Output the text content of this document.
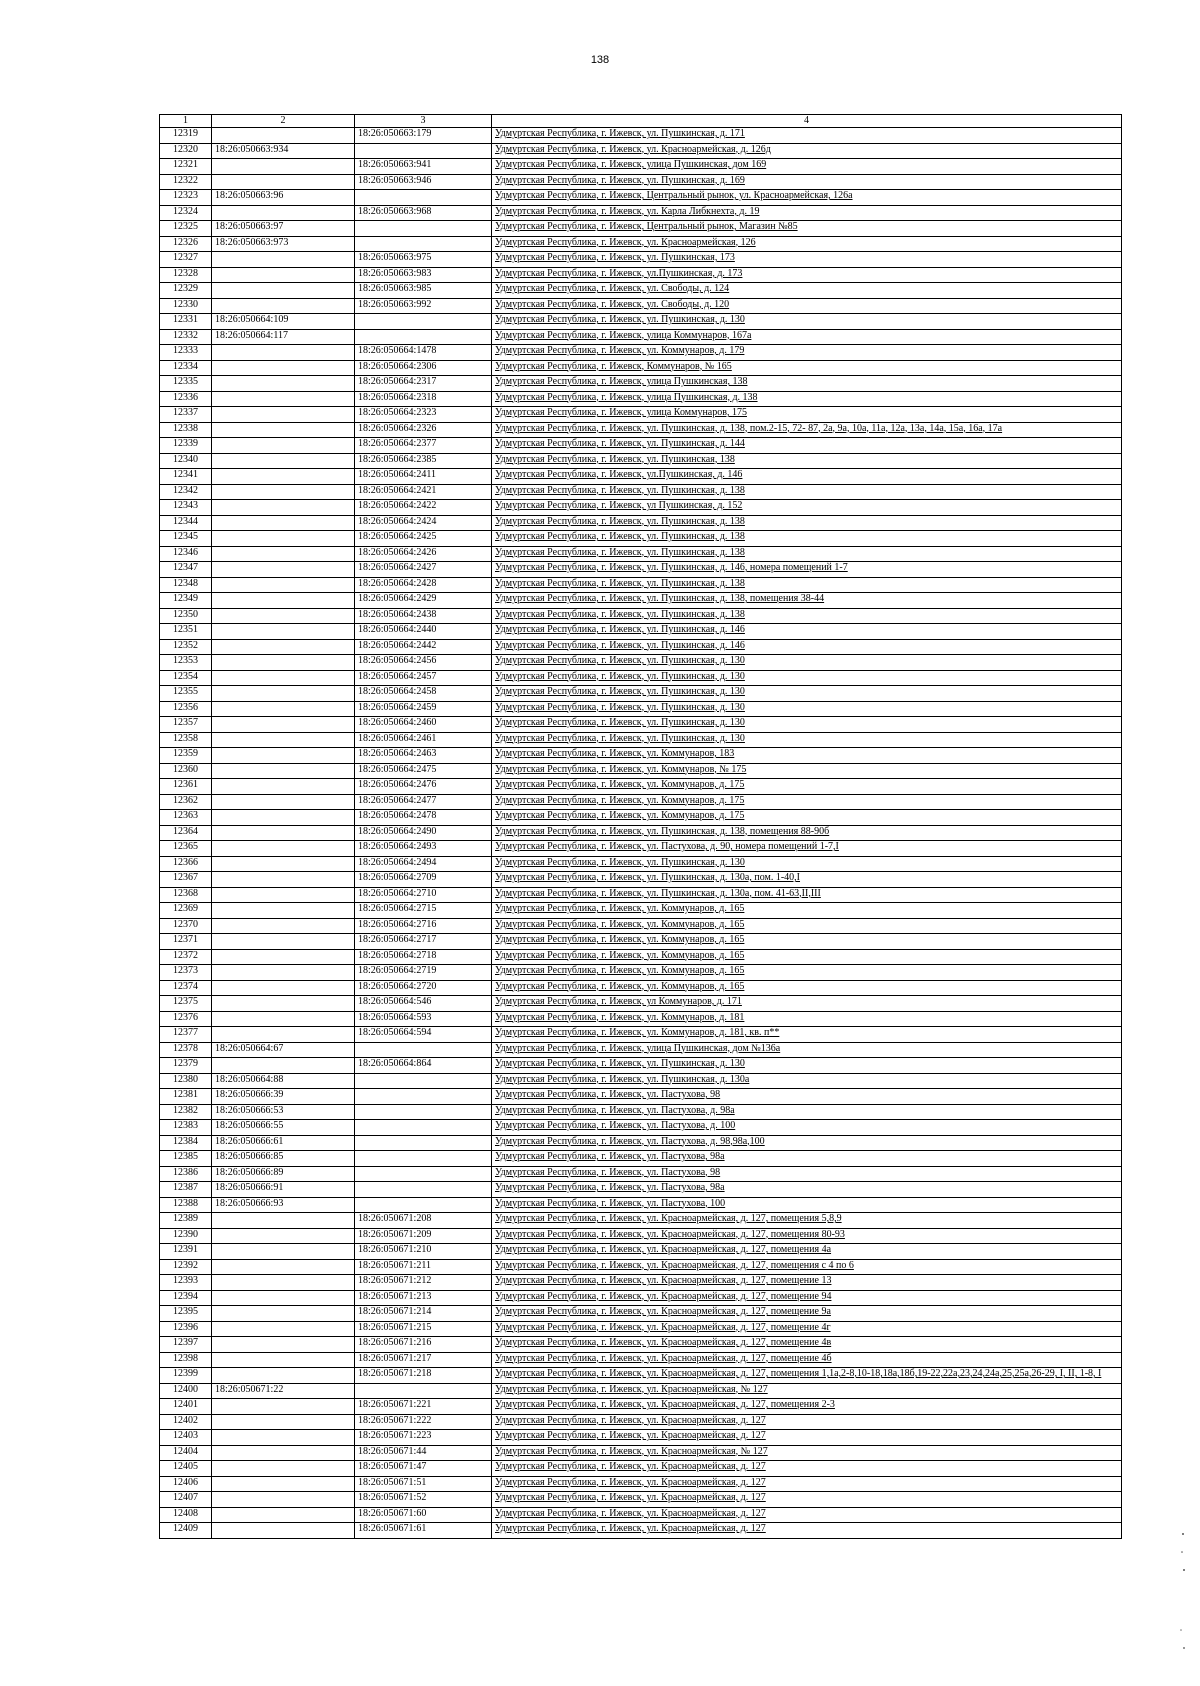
138
1	2	3	4
12319		18:26:050663:179	Удмуртская Республика, г. Ижевск, ул. Пушкинская, д. 171
12320	18:26:050663:934		Удмуртская Республика, г. Ижевск, ул. Красноармейская, д. 126д
12321		18:26:050663:941	Удмуртская Республика, г. Ижевск, улица Пушкинская, дом 169
12322		18:26:050663:946	Удмуртская Республика, г. Ижевск, ул. Пушкинская, д. 169
12323	18:26:050663:96		Удмуртская Республика, г. Ижевск, Центральный рынок, ул. Красноармейская, 126а
12324		18:26:050663:968	Удмуртская Республика, г. Ижевск, ул. Карла Либкнехта, д. 19
12325	18:26:050663:97		Удмуртская Республика, г. Ижевск, Центральный рынок, Магазин №85
12326	18:26:050663:973		Удмуртская Республика, г. Ижевск, ул. Красноармейская, 126
12327		18:26:050663:975	Удмуртская Республика, г. Ижевск, ул. Пушкинская, 173
12328		18:26:050663:983	Удмуртская Республика, г. Ижевск, ул.Пушкинская, д. 173
12329		18:26:050663:985	Удмуртская Республика, г. Ижевск, ул. Свободы, д. 124
12330		18:26:050663:992	Удмуртская Республика, г. Ижевск, ул. Свободы, д. 120
12331	18:26:050664:109		Удмуртская Республика, г. Ижевск, ул. Пушкинская, д. 130
12332	18:26:050664:117		Удмуртская Республика, г. Ижевск, улица Коммунаров, 167а
12333		18:26:050664:1478	Удмуртская Республика, г. Ижевск, ул. Коммунаров, д. 179
12334		18:26:050664:2306	Удмуртская Республика, г. Ижевск, Коммунаров, № 165
12335		18:26:050664:2317	Удмуртская Республика, г. Ижевск, улица Пушкинская, 138
12336		18:26:050664:2318	Удмуртская Республика, г. Ижевск, улица Пушкинская, д. 138
12337		18:26:050664:2323	Удмуртская Республика, г. Ижевск, улица Коммунаров, 175
12338		18:26:050664:2326	Удмуртская Республика, г. Ижевск, ул. Пушкинская, д. 138, пом.2-15, 72- 87, 2а, 9а, 10а, 11а, 12а, 13а, 14а, 15а, 16а, 17а
12339		18:26:050664:2377	Удмуртская Республика, г. Ижевск, ул. Пушкинская, д. 144
12340		18:26:050664:2385	Удмуртская Республика, г. Ижевск, ул. Пушкинская, 138
12341		18:26:050664:2411	Удмуртская Республика, г. Ижевск, ул.Пушкинская, д. 146
12342		18:26:050664:2421	Удмуртская Республика, г. Ижевск, ул. Пушкинская, д. 138
12343		18:26:050664:2422	Удмуртская Республика, г. Ижевск, ул Пушкинская, д. 152
12344		18:26:050664:2424	Удмуртская Республика, г. Ижевск, ул. Пушкинская, д. 138
12345		18:26:050664:2425	Удмуртская Республика, г. Ижевск, ул. Пушкинская, д. 138
12346		18:26:050664:2426	Удмуртская Республика, г. Ижевск, ул. Пушкинская, д. 138
12347		18:26:050664:2427	Удмуртская Республика, г. Ижевск, ул. Пушкинская, д. 146, номера помещений 1-7
12348		18:26:050664:2428	Удмуртская Республика, г. Ижевск, ул. Пушкинская, д. 138
12349		18:26:050664:2429	Удмуртская Республика, г. Ижевск, ул. Пушкинская, д. 138, помещения 38-44
12350		18:26:050664:2438	Удмуртская Республика, г. Ижевск, ул. Пушкинская, д. 138
12351		18:26:050664:2440	Удмуртская Республика, г. Ижевск, ул. Пушкинская, д. 146
12352		18:26:050664:2442	Удмуртская Республика, г. Ижевск, ул. Пушкинская, д. 146
12353		18:26:050664:2456	Удмуртская Республика, г. Ижевск, ул. Пушкинская, д. 130
12354		18:26:050664:2457	Удмуртская Республика, г. Ижевск, ул. Пушкинская, д. 130
12355		18:26:050664:2458	Удмуртская Республика, г. Ижевск, ул. Пушкинская, д. 130
12356		18:26:050664:2459	Удмуртская Республика, г. Ижевск, ул. Пушкинская, д. 130
12357		18:26:050664:2460	Удмуртская Республика, г. Ижевск, ул. Пушкинская, д. 130
12358		18:26:050664:2461	Удмуртская Республика, г. Ижевск, ул. Пушкинская, д. 130
12359		18:26:050664:2463	Удмуртская Республика, г. Ижевск, ул. Коммунаров, 183
12360		18:26:050664:2475	Удмуртская Республика, г. Ижевск, ул. Коммунаров, № 175
12361		18:26:050664:2476	Удмуртская Республика, г. Ижевск, ул. Коммунаров, д. 175
12362		18:26:050664:2477	Удмуртская Республика, г. Ижевск, ул. Коммунаров, д. 175
12363		18:26:050664:2478	Удмуртская Республика, г. Ижевск, ул. Коммунаров, д. 175
12364		18:26:050664:2490	Удмуртская Республика, г. Ижевск, ул. Пушкинская, д. 138, помещения 88-90б
12365		18:26:050664:2493	Удмуртская Республика, г. Ижевск, ул. Пастухова, д. 90, номера помещений 1-7,I
12366		18:26:050664:2494	Удмуртская Республика, г. Ижевск, ул. Пушкинская, д. 130
12367		18:26:050664:2709	Удмуртская Республика, г. Ижевск, ул. Пушкинская, д. 130а, пом. 1-40,I
12368		18:26:050664:2710	Удмуртская Республика, г. Ижевск, ул. Пушкинская, д. 130а, пом. 41-63,II,III
12369		18:26:050664:2715	Удмуртская Республика, г. Ижевск, ул. Коммунаров, д. 165
12370		18:26:050664:2716	Удмуртская Республика, г. Ижевск, ул. Коммунаров, д. 165
12371		18:26:050664:2717	Удмуртская Республика, г. Ижевск, ул. Коммунаров, д. 165
12372		18:26:050664:2718	Удмуртская Республика, г. Ижевск, ул. Коммунаров, д. 165
12373		18:26:050664:2719	Удмуртская Республика, г. Ижевск, ул. Коммунаров, д. 165
12374		18:26:050664:2720	Удмуртская Республика, г. Ижевск, ул. Коммунаров, д. 165
12375		18:26:050664:546	Удмуртская Республика, г. Ижевск, ул Коммунаров, д. 171
12376		18:26:050664:593	Удмуртская Республика, г. Ижевск, ул. Коммунаров, д. 181
12377		18:26:050664:594	Удмуртская Республика, г. Ижевск, ул. Коммунаров, д. 181, кв. п**
12378	18:26:050664:67		Удмуртская Республика, г. Ижевск, улица Пушкинская, дом №136а
12379		18:26:050664:864	Удмуртская Республика, г. Ижевск, ул. Пушкинская, д. 130
12380	18:26:050664:88		Удмуртская Республика, г. Ижевск, ул. Пушкинская, д. 130а
12381	18:26:050666:39		Удмуртская Республика, г. Ижевск, ул. Пастухова, 98
12382	18:26:050666:53		Удмуртская Республика, г. Ижевск, ул. Пастухова, д. 98а
12383	18:26:050666:55		Удмуртская Республика, г. Ижевск, ул. Пастухова, д. 100
12384	18:26:050666:61		Удмуртская Республика, г. Ижевск, ул. Пастухова, д. 98,98а,100
12385	18:26:050666:85		Удмуртская Республика, г. Ижевск, ул. Пастухова, 98а
12386	18:26:050666:89		Удмуртская Республика, г. Ижевск, ул. Пастухова, 98
12387	18:26:050666:91		Удмуртская Республика, г. Ижевск, ул. Пастухова, 98а
12388	18:26:050666:93		Удмуртская Республика, г. Ижевск, ул. Пастухова, 100
12389		18:26:050671:208	Удмуртская Республика, г. Ижевск, ул. Красноармейская, д. 127, помещения 5,8,9
12390		18:26:050671:209	Удмуртская Республика, г. Ижевск, ул. Красноармейская, д. 127, помещения 80-93
12391		18:26:050671:210	Удмуртская Республика, г. Ижевск, ул. Красноармейская, д. 127, помещения 4а
12392		18:26:050671:211	Удмуртская Республика, г. Ижевск, ул. Красноармейская, д. 127, помещения с 4 по 6
12393		18:26:050671:212	Удмуртская Республика, г. Ижевск, ул. Красноармейская, д. 127, помещение 13
12394		18:26:050671:213	Удмуртская Республика, г. Ижевск, ул. Красноармейская, д. 127, помещение 94
12395		18:26:050671:214	Удмуртская Республика, г. Ижевск, ул. Красноармейская, д. 127, помещение 9а
12396		18:26:050671:215	Удмуртская Республика, г. Ижевск, ул. Красноармейская, д. 127, помещение 4г
12397		18:26:050671:216	Удмуртская Республика, г. Ижевск, ул. Красноармейская, д. 127, помещение 4в
12398		18:26:050671:217	Удмуртская Республика, г. Ижевск, ул. Красноармейская, д. 127, помещение 4б
12399		18:26:050671:218	Удмуртская Республика, г. Ижевск, ул. Красноармейская, д. 127, помещения 1,1а,2-8,10-18,18а,18б,19-22,22а,23,24,24а,25,25а,26-29, I, II, 1-8, I
12400	18:26:050671:22		Удмуртская Республика, г. Ижевск, ул. Красноармейская, № 127
12401		18:26:050671:221	Удмуртская Республика, г. Ижевск, ул. Красноармейская, д. 127, помещения 2-3
12402		18:26:050671:222	Удмуртская Республика, г. Ижевск, ул. Красноармейская, д. 127
12403		18:26:050671:223	Удмуртская Республика, г. Ижевск, ул. Красноармейская, д. 127
12404		18:26:050671:44	Удмуртская Республика, г. Ижевск, ул. Красноармейская, № 127
12405		18:26:050671:47	Удмуртская Республика, г. Ижевск, ул. Красноармейская, д. 127
12406		18:26:050671:51	Удмуртская Республика, г. Ижевск, ул. Красноармейская, д. 127
12407		18:26:050671:52	Удмуртская Республика, г. Ижевск, ул. Красноармейская, д. 127
12408		18:26:050671:60	Удмуртская Республика, г. Ижевск, ул. Красноармейская, д. 127
12409		18:26:050671:61	Удмуртская Республика, г. Ижевск, ул. Красноармейская, д. 127
